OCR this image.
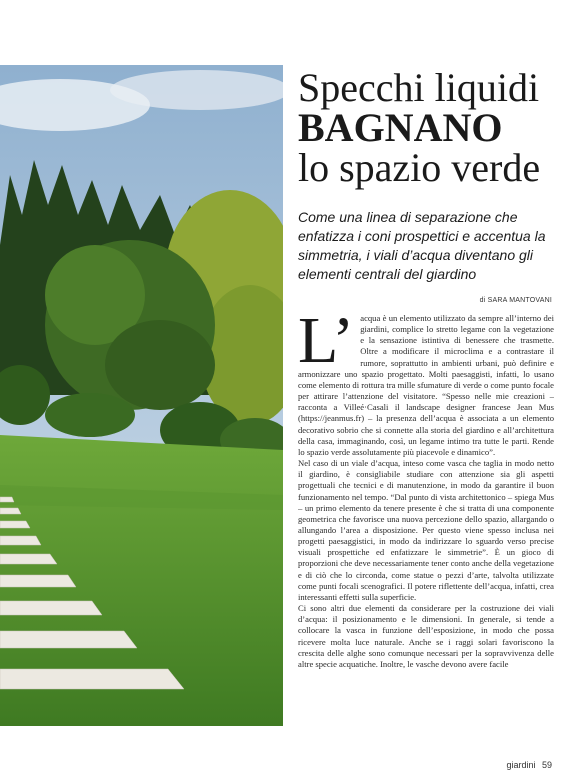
Specchi liquidi
BAGNANO
lo spazio verde

Come una linea di separazione che enfatizza i coni prospettici e accentua la simmetria, i viali d’acqua diventano gli elementi centrali del giardino

di SARA MANTOVANI
L’ acqua è un elemento utilizzato da sempre all’interno dei giardini, complice lo stretto legame con la vegetazione e la sensazione istintiva di benessere che trasmette. Oltre a modificare il microclima e a contrastare il rumore, soprattutto in ambienti urbani, può definire e armonizzare uno spazio progettato. Molti paesaggisti, infatti, lo usano come elemento di rottura tra mille sfumature di verde o come punto focale per attirare l’attenzione del visitatore. “Spesso nelle mie creazioni – racconta a Villeé·Casali il landscape designer francese Jean Mus (https://jeanmus.fr) – la presenza dell’acqua è associata a un elemento decorativo sobrio che si connette alla storia del giardino e all’architettura della casa, immaginando, così, un legame intimo tra tutte le parti. Rende lo spazio verde assolutamente più piacevole e dinamico”.

Nel caso di un viale d’acqua, inteso come vasca che taglia in modo netto il giardino, è consigliabile studiare con attenzione sia gli aspetti progettuali che tecnici e di manutenzione, in modo da garantire il buon funzionamento nel tempo. “Dal punto di vista architettonico – spiega Mus – un primo elemento da tenere presente è che si tratta di una componente geometrica che favorisce una nuova percezione dello spazio, allargando o allungando l’area a disposizione. Per questo viene spesso inclusa nei progetti paesaggistici, in modo da indirizzare lo sguardo verso precise visuali prospettiche ed enfatizzare le simmetrie”. È un gioco di proporzioni che deve necessariamente tener conto anche della vegetazione e di ciò che lo circonda, come statue o pezzi d’arte, talvolta utilizzate come punti focali scenografici. Il potere riflettente dell’acqua, infatti, crea interessanti effetti sulla superficie.

Ci sono altri due elementi da considerare per la costruzione dei viali d’acqua: il posizionamento e le dimensioni. In generale, si tende a collocare la vasca in funzione dell’esposizione, in modo che possa ricevere molta luce naturale. Anche se i raggi solari favoriscono la crescita delle alghe sono comunque necessari per la sopravvivenza delle altre specie acquatiche. Inoltre, le vasche devono avere facile

giardini 59
